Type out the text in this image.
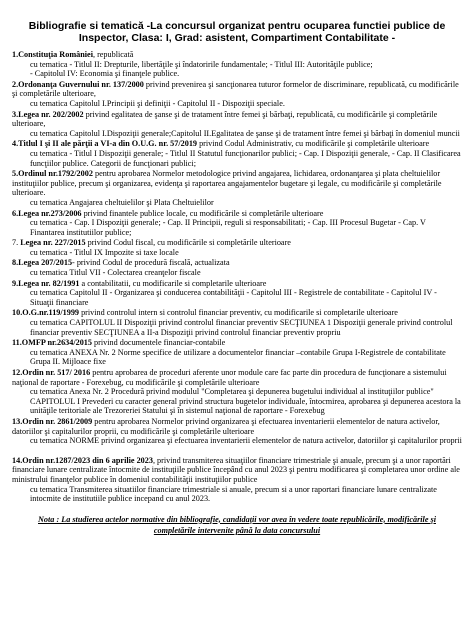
Bibliografie si tematică -La concursul organizat pentru ocuparea functiei publice de Inspector, Clasa: I, Grad: asistent, Compartiment Contabilitate -
1.Constituţia României, republicată
cu tematica - Titlul II: Drepturile, libertăţile şi îndatoririle fundamentale; - Titlul III: Autorităţile publice;
- Capitolul IV: Economia şi finanţele publice.
2.Ordonanţa Guvernului nr. 137/2000 privind prevenirea şi sancţionarea tuturor formelor de discriminare, republicată, cu modificările şi completările ulterioare,
cu tematica Capitolul I.Principii şi definiţii - Capitolul II - Dispoziţii speciale.
3.Legea nr. 202/2002 privind egalitatea de şanse şi de tratament între femei şi bărbaţi, republicată, cu modificările şi completările ulterioare,
cu tematica Capitolul I.Dispoziţii generale;Capitolul II.Egalitatea de şanse şi de tratament între femei şi bărbaţi în domeniul muncii
4.Titlul I şi II ale părţii a VI-a din O.U.G. nr. 57/2019 privind Codul Administrativ, cu modificările şi completările ulterioare
cu tematica - Titlul I Dispoziţii generale; - Titlul II Statutul funcţionarilor publici; - Cap. I Dispoziţii generale, - Cap. II Clasificarea funcţiilor publice. Categorii de funcţionari publici;
5.Ordinul nr.1792/2002 pentru aprobarea Normelor metodologice privind angajarea, lichidarea, ordonanţarea şi plata cheltuielilor instituţiilor publice, precum şi organizarea, evidenţa şi raportarea angajamentelor bugetare şi legale, cu modificările şi completările ulterioare.
cu tematica Angajarea cheltuielilor şi Plata Cheltuielilor
6.Legea nr.273/2006 privind finantele publice locale, cu modificările si completările ulterioare
cu tematica - Cap. I Dispoziţii generale; - Cap. II Principii, reguli si responsabilitati; - Cap. III Procesul Bugetar - Cap. V Finantarea institutiilor publice;
7. Legea nr. 227/2015 privind Codul fiscal, cu modificările si completările ulterioare
cu tematica - Titlul IX Impozite si taxe locale
8.Legea 207/2015- privind Codul de procedură fiscală, actualizata
cu tematica Titlul VII - Colectarea creanţelor fiscale
9.Legea nr. 82/1991 a contabilitatii, cu modificarile si completarile ulterioare
cu tematica Capitolul II - Organizarea şi conducerea contabilităţii - Capitolul III - Registrele de contabilitate - Capitolul IV - Situaţii financiare
10.O.G.nr.119/1999 privind controlul intern si controlul financiar preventiv, cu modificarile si completarile ulterioare
cu tematica CAPITOLUL II Dispoziţii privind controlul financiar preventiv SECŢIUNEA 1 Dispoziţii generale privind controlul financiar preventiv SECŢIUNEA a II-a Dispoziţii privind controlul financiar preventiv propriu
11.OMFP nr.2634/2015 privind documentele financiar-contabile
cu tematica ANEXA Nr. 2 Norme specifice de utilizare a documentelor financiar –contabile Grupa I-Registrele de contabilitate Grupa II. Mijloace fixe
12.Ordin nr. 517/ 2016 pentru aprobarea de proceduri aferente unor module care fac parte din procedura de funcţionare a sistemului naţional de raportare - Forexebug, cu modificările şi completările ulterioare
cu tematica Anexa Nr. 2 Procedură privind modulul "Completarea şi depunerea bugetului individual al instituţiilor publice" CAPITOLUL I Prevederi cu caracter general privind structura bugetelor individuale, întocmirea, aprobarea şi depunerea acestora la unităţile teritoriale ale Trezoreriei Statului şi în sistemul naţional de raportare - Forexebug
13.Ordin nr. 2861/2009 pentru aprobarea Normelor privind organizarea şi efectuarea inventarierii elementelor de natura activelor, datoriilor şi capitalurilor proprii, cu modificările şi completările ulterioare
cu tematica NORME privind organizarea şi efectuarea inventarierii elementelor de natura activelor, datoriilor şi capitalurilor proprii
14.Ordin nr.1287/2023 din 6 aprilie 2023, privind transmiterea situaţiilor financiare trimestriale şi anuale, precum şi a unor raportări financiare lunare centralizate întocmite de instituţiile publice începând cu anul 2023 şi pentru modificarea şi completarea unor ordine ale ministrului finanţelor publice în domeniul contabilităţii instituţiilor publice
cu tematica Transmiterea situatiilor financiare trimestriale si anuale, precum si a unor raportari financiare lunare centralizate intocmite de institutiile publice incepand cu anul 2023.
Nota : La studierea actelor normative din bibliografie, candidaţii vor avea în vedere toate republicările, modificările şi completările intervenite până la data concursului
